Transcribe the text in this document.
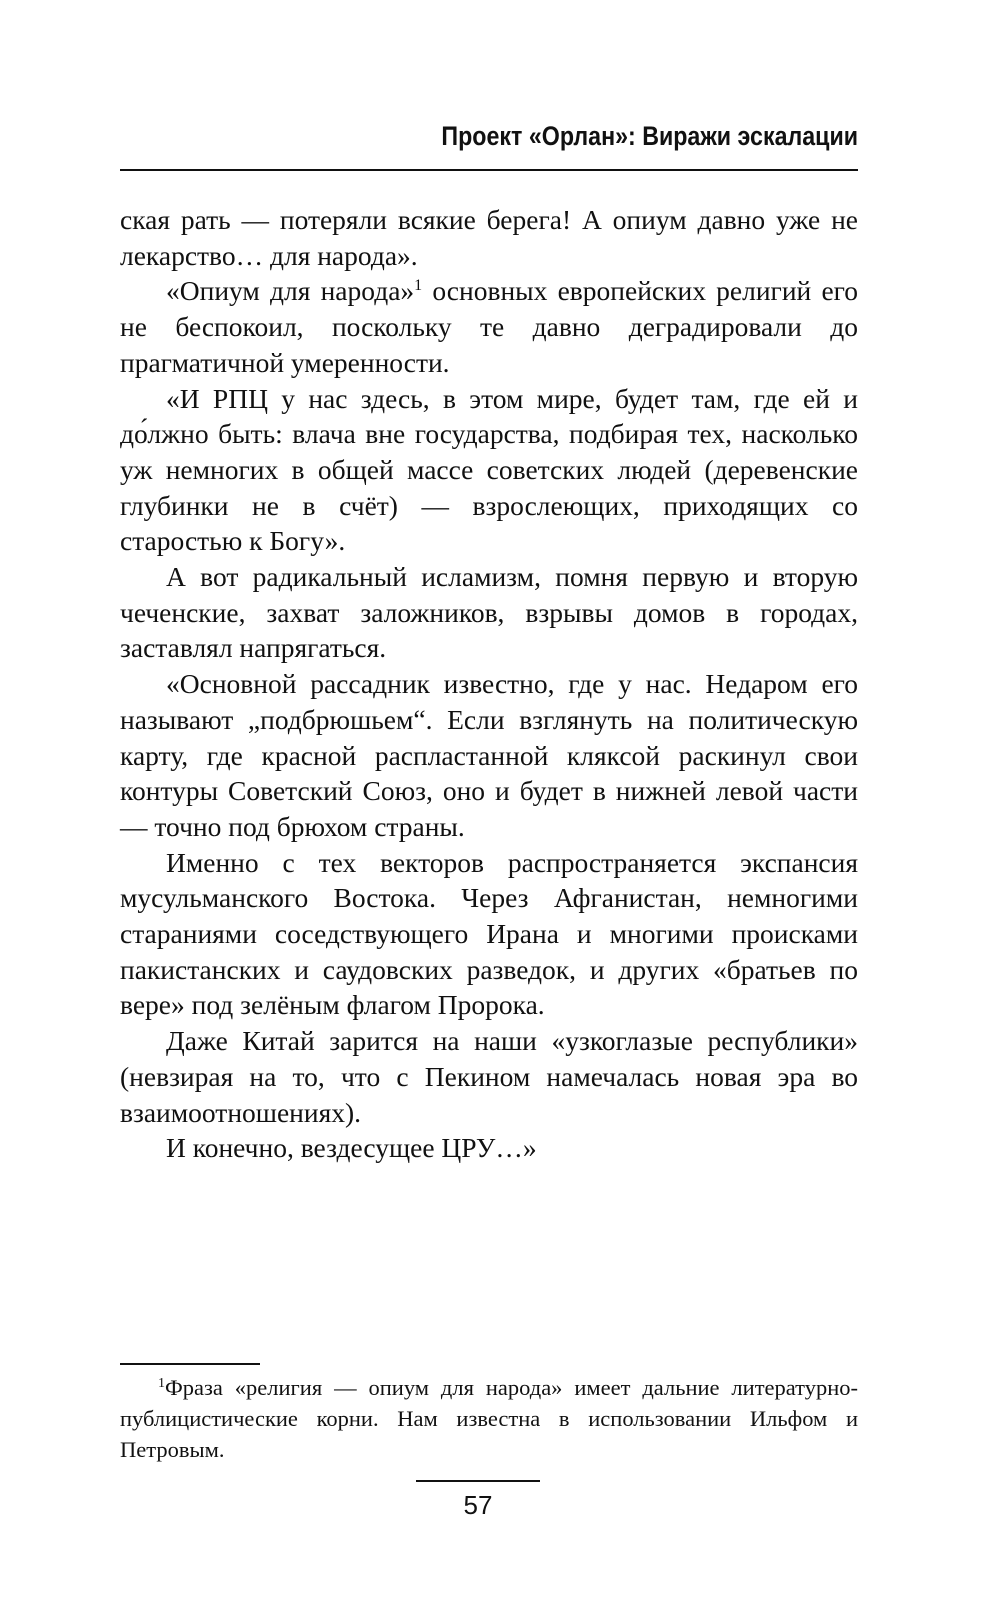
Проект «Орлан»: Виражи эскалации

ская рать — потеряли всякие берега! А опиум давно уже не лекарство… для народа».

«Опиум для народа»$^1$ основных европейских религий его не беспокоил, поскольку те давно деградировали до прагматичной умеренности.

«И РПЦ у нас здесь, в этом мире, будет там, где ей и до́лжно быть: влача вне государства, подбирая тех, насколько уж немногих в общей массе советских людей (деревенские глубинки не в счёт) — взрослеющих, приходящих со старостью к Богу».

А вот радикальный исламизм, помня первую и вторую чеченские, захват заложников, взрывы домов в городах, заставлял напрягаться.

«Основной рассадник известно, где у нас. Недаром его называют „подбрюшьем“. Если взглянуть на политическую карту, где красной распластанной кляксой раскинул свои контуры Советский Союз, оно и будет в нижней левой части — точно под брюхом страны.

Именно с тех векторов распространяется экспансия мусульманского Востока. Через Афганистан, немногими стараниями соседствующего Ирана и многими происками пакистанских и саудовских разведок, и других «братьев по вере» под зелёным флагом Пророка.

Даже Китай зарится на наши «узкоглазые республики» (невзирая на то, что с Пекином намечалась новая эра во взаимоотношениях).

И конечно, вездесущее ЦРУ…»

$^1$Фраза «религия — опиум для народа» имеет дальние литературно-публицистические корни. Нам известна в использовании Ильфом и Петровым.
57
